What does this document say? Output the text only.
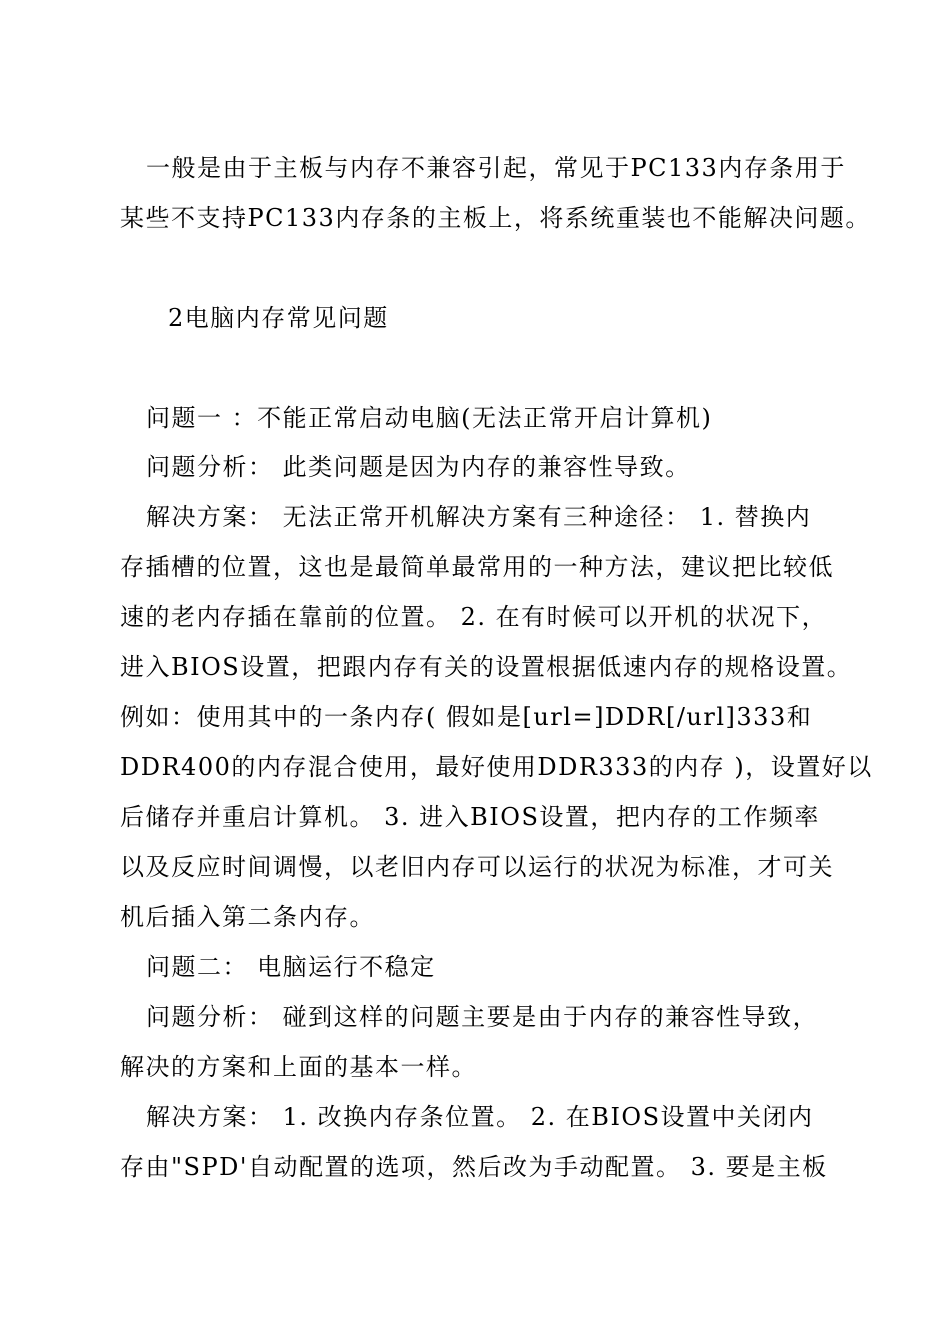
一般是由于主板与内存不兼容引起，常见于PC133内存条用于
某些不支持PC133内存条的主板上，将系统重装也不能解决问题。
2电脑内存常见问题
问题一 ：不能正常启动电脑(无法正常开启计算机)
问题分析： 此类问题是因为内存的兼容性导致。
解决方案： 无法正常开机解决方案有三种途径： 1. 替换内
存插槽的位置，这也是最简单最常用的一种方法，建议把比较低
速的老内存插在靠前的位置。 2. 在有时候可以开机的状况下，
进入BIOS设置，把跟内存有关的设置根据低速内存的规格设置。
例如：使用其中的一条内存( 假如是[url=]DDR[/url]333和
DDR400的内存混合使用，最好使用DDR333的内存 )，设置好以
后储存并重启计算机。 3. 进入BIOS设置，把内存的工作频率
以及反应时间调慢，以老旧内存可以运行的状况为标准，才可关
机后插入第二条内存。
问题二： 电脑运行不稳定
问题分析： 碰到这样的问题主要是由于内存的兼容性导致，
解决的方案和上面的基本一样。
解决方案： 1. 改换内存条位置。 2. 在BIOS设置中关闭内
存由"SPD'自动配置的选项，然后改为手动配置。 3. 要是主板
